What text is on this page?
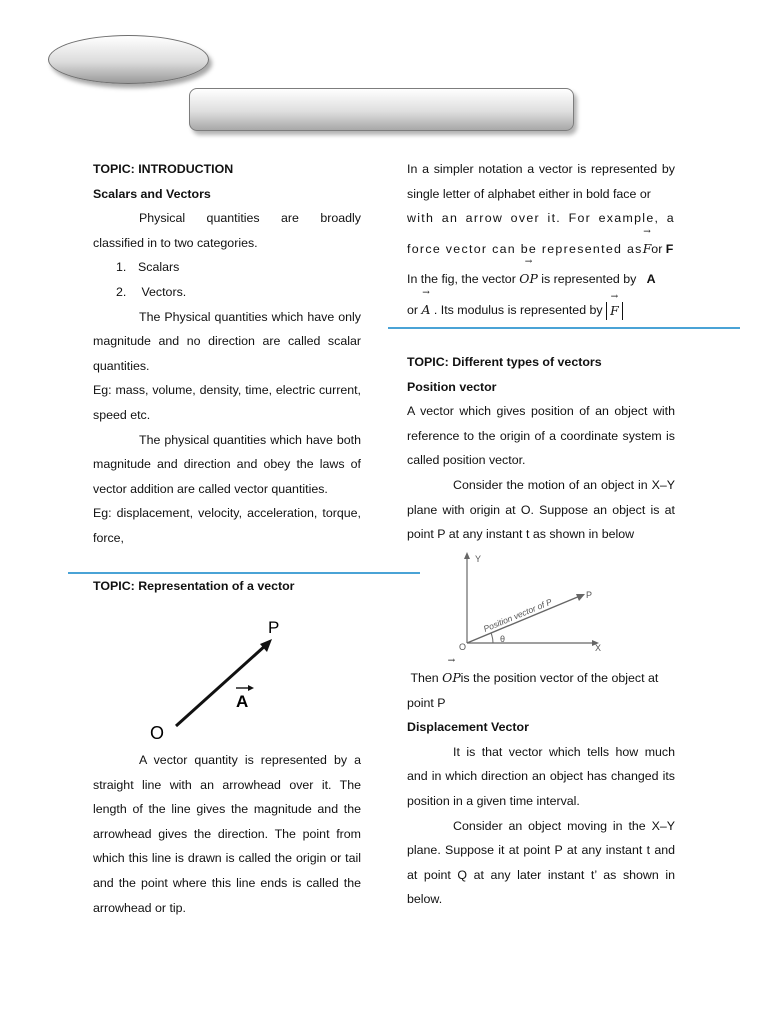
TOPIC: INTRODUCTION

Scalars and Vectors

Physical quantities are broadly classified in to two categories.

1. Scalars

2. Vectors.

The Physical quantities which have only magnitude and no direction are called scalar quantities.

Eg: mass, volume, density, time, electric current, speed etc.

The physical quantities which have both magnitude and direction and obey the laws of vector addition are called vector quantities.

Eg: displacement, velocity, acceleration, torque, force,

TOPIC: Representation of a vector

P
A
O

A vector quantity is represented by a straight line with an arrowhead over it. The length of the line gives the magnitude and the arrowhead gives the direction. The point from which this line is drawn is called the origin or tail and the point where this line ends is called the arrowhead or tip.

In a simpler notation a vector is represented by single letter of alphabet either in bold face or

with an arrow over it. For example, a

force vector can be represented as→ For F

In the fig, the vector → OP is represented by A

or → A . Its modulus is represented by → F

TOPIC: Different types of vectors

Position vector

A vector which gives position of an object with reference to the origin of a coordinate system is called position vector.

Consider the motion of an object in X–Y plane with origin at O. Suppose an object is at point P at any instant t as shown in below

Y
X
O
P
θ
Position vector of P

Then → OPis the position vector of the object at point P

Displacement Vector

It is that vector which tells how much and in which direction an object has changed its position in a given time interval.

Consider an object moving in the X–Y plane. Suppose it at point P at any instant t and at point Q at any later instant t’ as shown in below.
